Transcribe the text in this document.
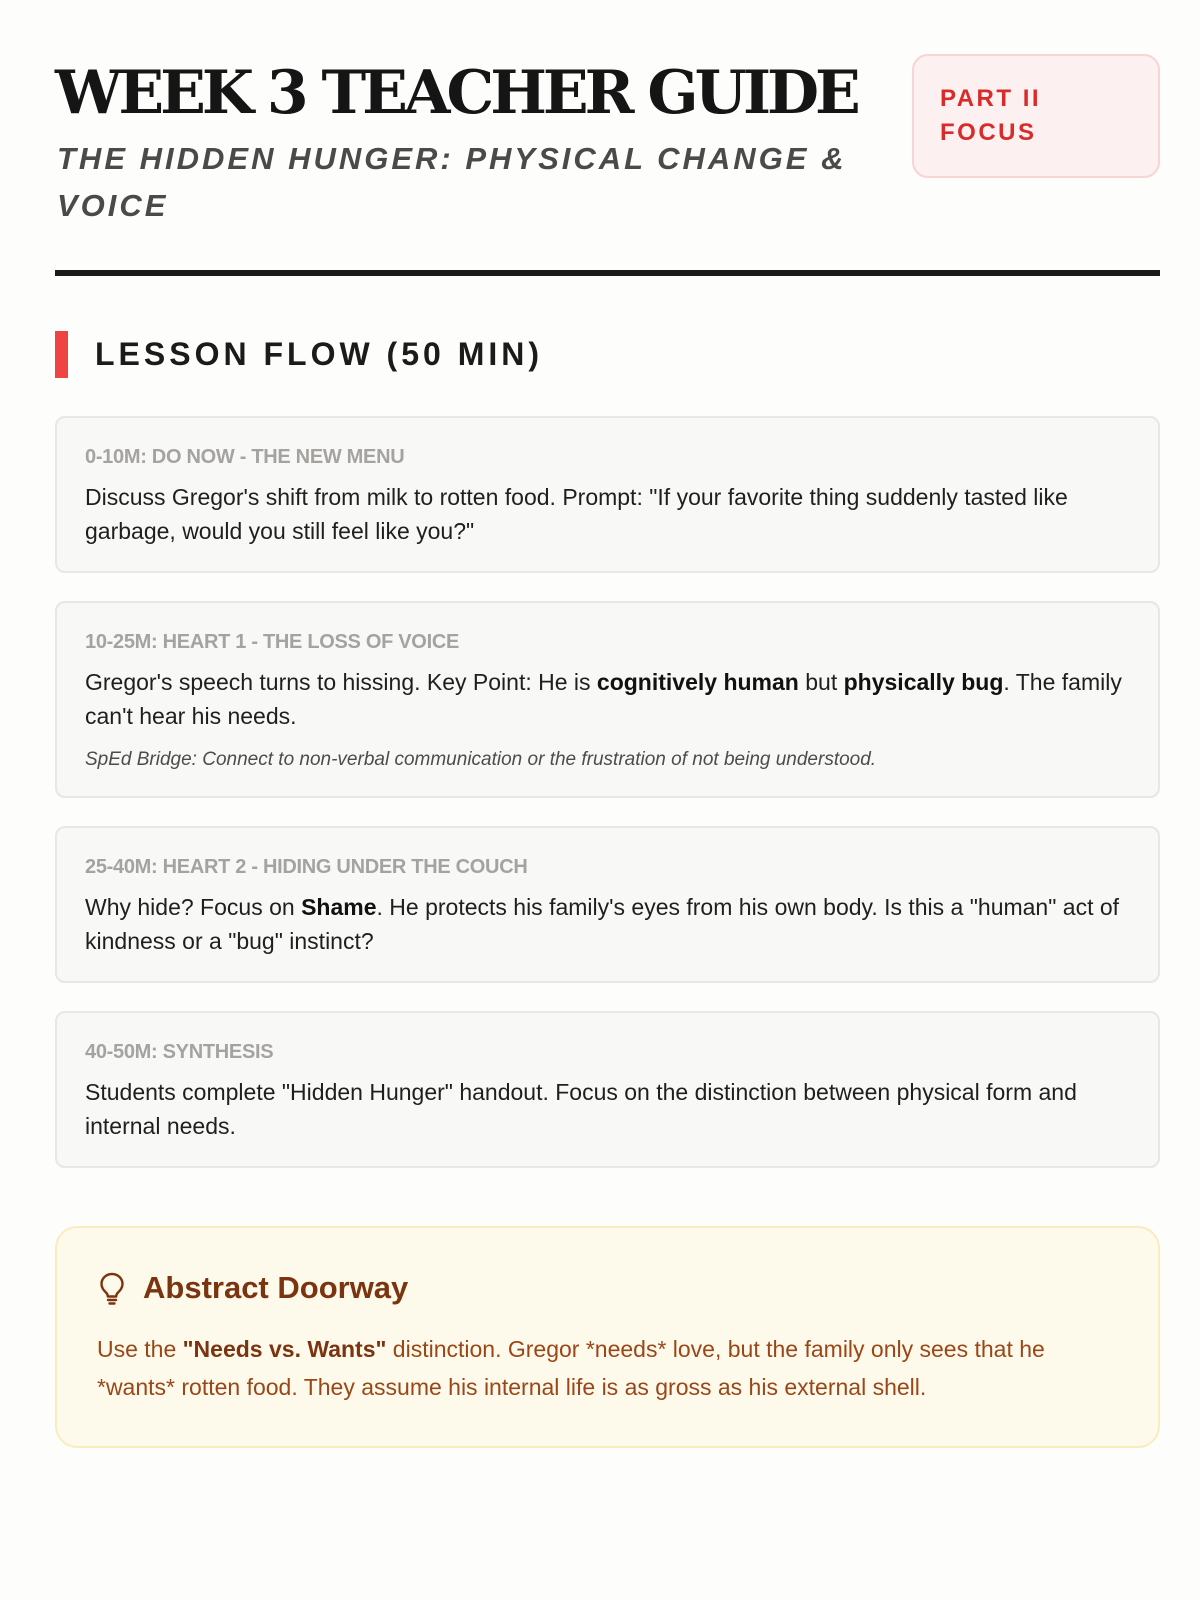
WEEK 3 TEACHER GUIDE

THE HIDDEN HUNGER: PHYSICAL CHANGE & VOICE

PART II
FOCUS
LESSON FLOW (50 MIN)

0-10M: DO NOW - THE NEW MENU

Discuss Gregor's shift from milk to rotten food. Prompt: "If your favorite thing suddenly tasted like garbage, would you still feel like you?"

10-25M: HEART 1 - THE LOSS OF VOICE

Gregor's speech turns to hissing. Key Point: He is cognitively human but physically bug. The family can't hear his needs.

SpEd Bridge: Connect to non-verbal communication or the frustration of not being understood.

25-40M: HEART 2 - HIDING UNDER THE COUCH

Why hide? Focus on Shame. He protects his family's eyes from his own body. Is this a "human" act of kindness or a "bug" instinct?

40-50M: SYNTHESIS

Students complete "Hidden Hunger" handout. Focus on the distinction between physical form and internal needs.

Abstract Doorway

Use the "Needs vs. Wants" distinction. Gregor *needs* love, but the family only sees that he *wants* rotten food. They assume his internal life is as gross as his external shell.
